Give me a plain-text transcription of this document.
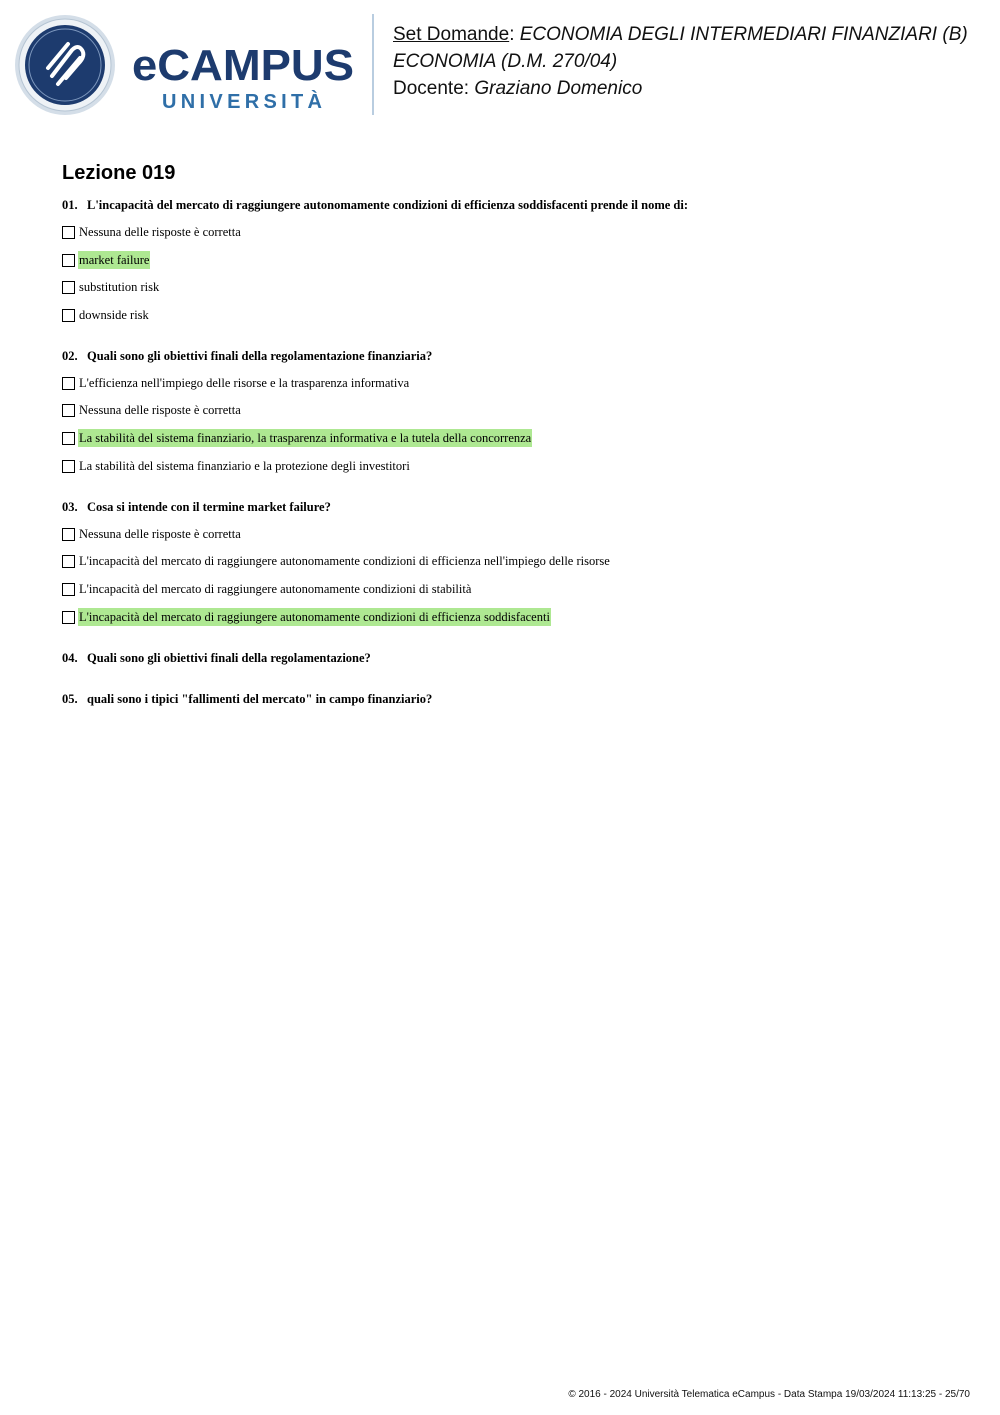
eCAMPUS
UNIVERSITÀ
Set Domande: ECONOMIA DEGLI INTERMEDIARI FINANZIARI (B)
ECONOMIA (D.M. 270/04)
Docente: Graziano Domenico
Lezione 019
01. L'incapacità del mercato di raggiungere autonomamente condizioni di efficienza soddisfacenti prende il nome di:
Nessuna delle risposte è corretta
market failure
substitution risk
downside risk
02. Quali sono gli obiettivi finali della regolamentazione finanziaria?
L'efficienza nell'impiego delle risorse e la trasparenza informativa
Nessuna delle risposte è corretta
La stabilità del sistema finanziario, la trasparenza informativa e la tutela della concorrenza
La stabilità del sistema finanziario e la protezione degli investitori
03. Cosa si intende con il termine market failure?
Nessuna delle risposte è corretta
L'incapacità del mercato di raggiungere autonomamente condizioni di efficienza nell'impiego delle risorse
L'incapacità del mercato di raggiungere autonomamente condizioni di stabilità
L'incapacità del mercato di raggiungere autonomamente condizioni di efficienza soddisfacenti
04. Quali sono gli obiettivi finali della regolamentazione?
05. quali sono i tipici "fallimenti del mercato" in campo finanziario?
© 2016 - 2024 Università Telematica eCampus - Data Stampa 19/03/2024 11:13:25 - 25/70
